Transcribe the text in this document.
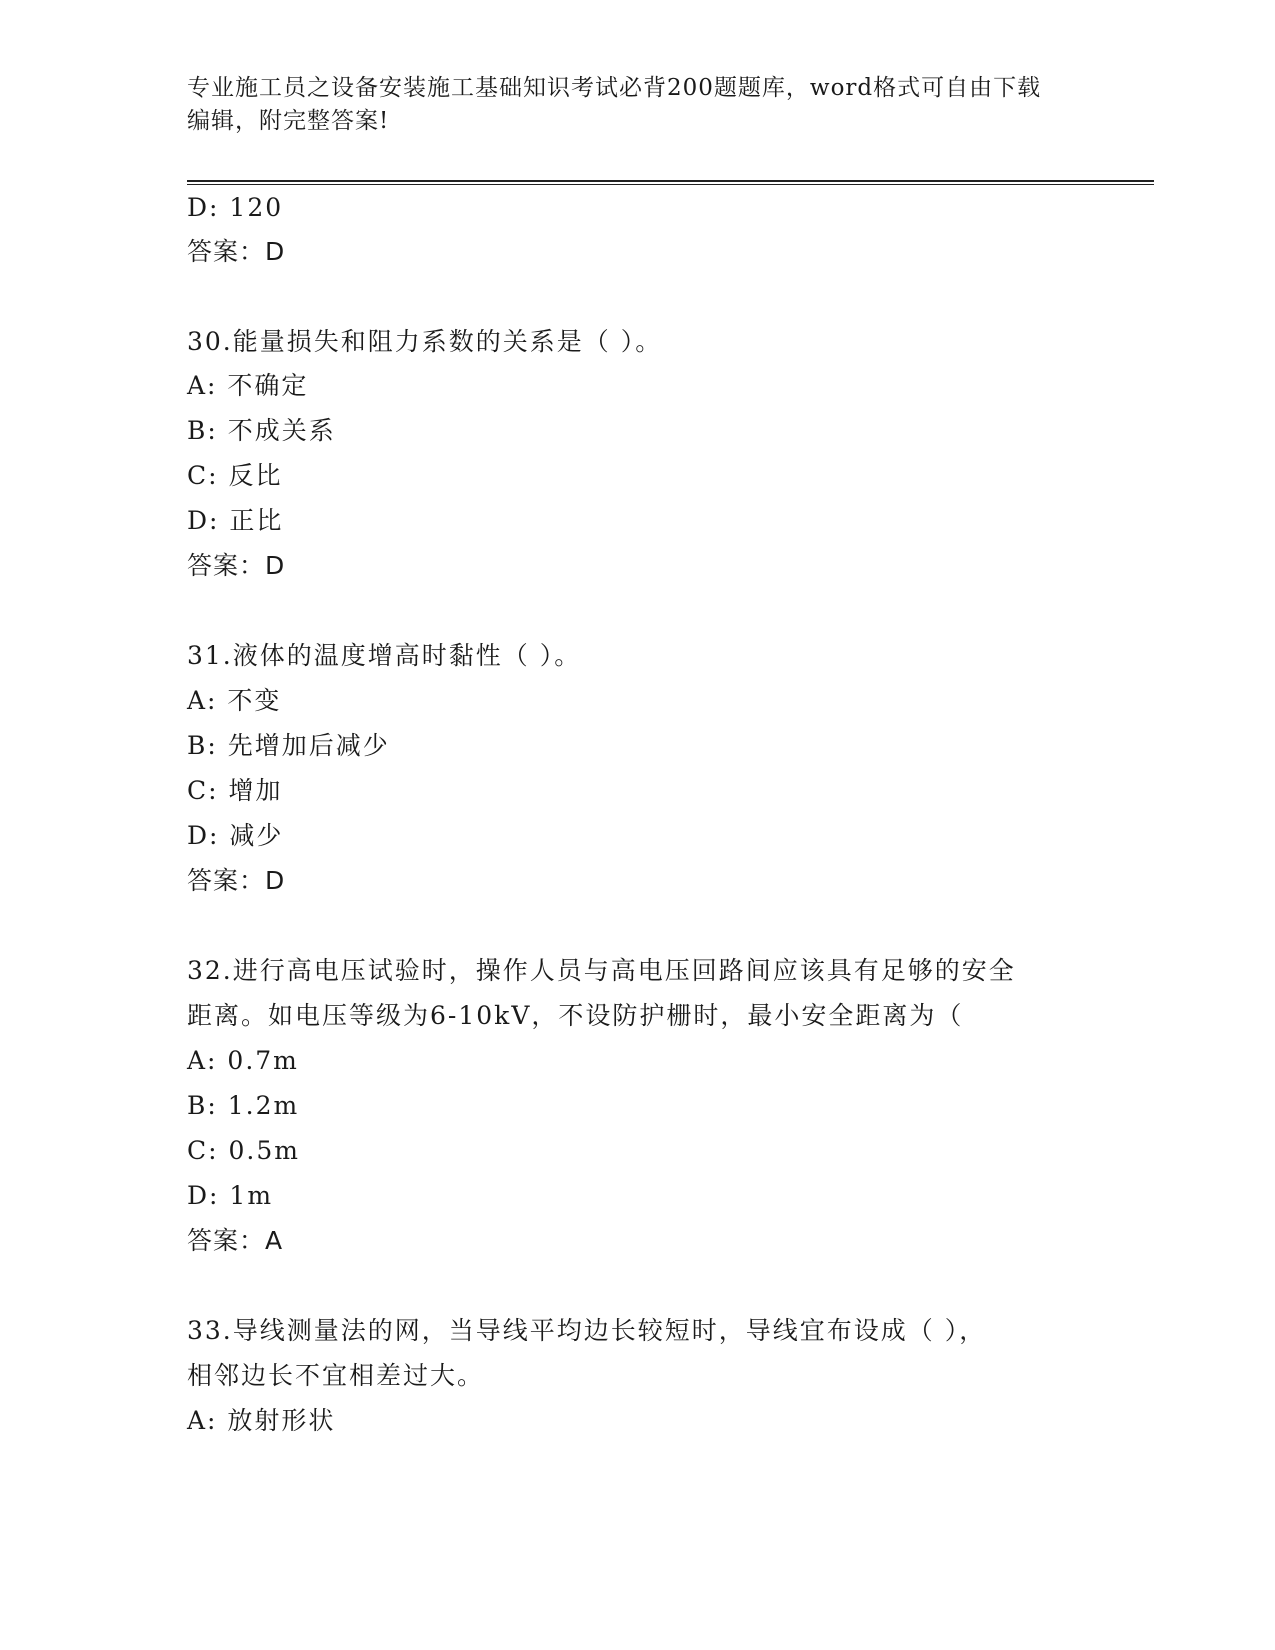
专业施工员之设备安装施工基础知识考试必背200题题库，word格式可自由下载
编辑，附完整答案!
D: 120
答案：D
30.能量损失和阻力系数的关系是（ ）。
A: 不确定
B: 不成关系
C: 反比
D: 正比
答案：D
31.液体的温度增高时黏性（ ）。
A: 不变
B: 先增加后减少
C: 增加
D: 减少
答案：D
32.进行高电压试验时，操作人员与高电压回路间应该具有足够的安全
距离。如电压等级为6-10kV，不设防护栅时，最小安全距离为（
A: 0.7m
B: 1.2m
C: 0.5m
D: 1m
答案：A
33.导线测量法的网，当导线平均边长较短时，导线宜布设成（ ），
相邻边长不宜相差过大。
A: 放射形状
